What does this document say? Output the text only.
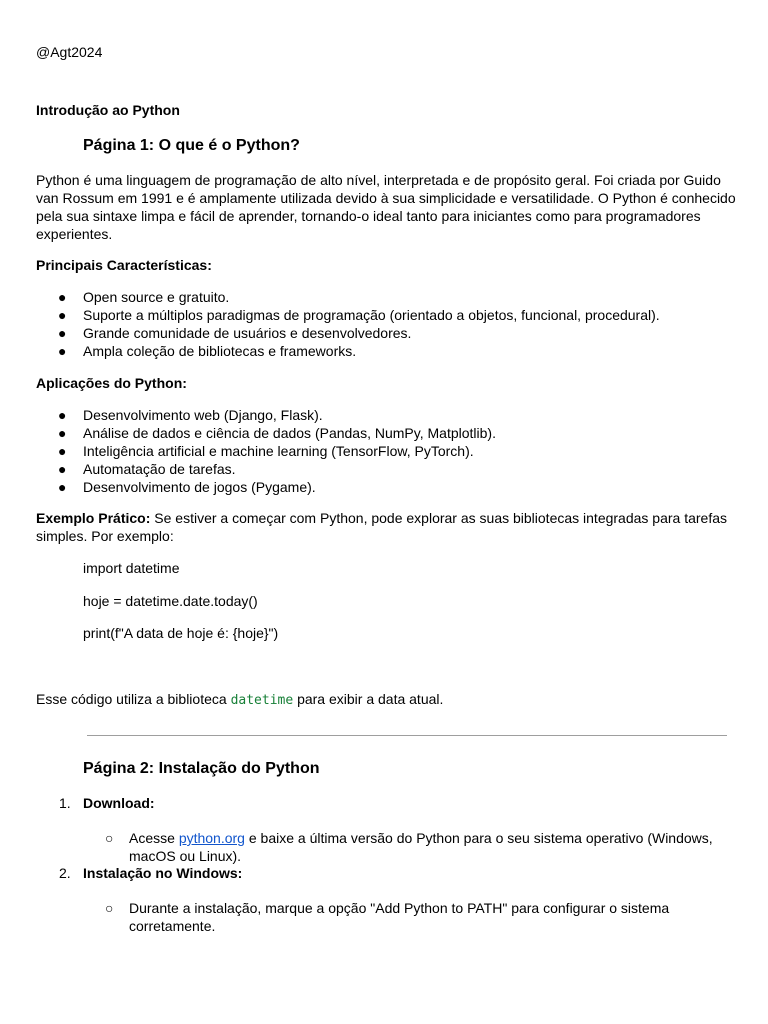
@Agt2024
Introdução ao Python
Página 1: O que é o Python?
Python é uma linguagem de programação de alto nível, interpretada e de propósito geral. Foi criada por Guido van Rossum em 1991 e é amplamente utilizada devido à sua simplicidade e versatilidade. O Python é conhecido pela sua sintaxe limpa e fácil de aprender, tornando-o ideal tanto para iniciantes como para programadores experientes.
Principais Características:
● Open source e gratuito.
● Suporte a múltiplos paradigmas de programação (orientado a objetos, funcional, procedural).
● Grande comunidade de usuários e desenvolvedores.
● Ampla coleção de bibliotecas e frameworks.
Aplicações do Python:
● Desenvolvimento web (Django, Flask).
● Análise de dados e ciência de dados (Pandas, NumPy, Matplotlib).
● Inteligência artificial e machine learning (TensorFlow, PyTorch).
● Automatação de tarefas.
● Desenvolvimento de jogos (Pygame).
Exemplo Prático: Se estiver a começar com Python, pode explorar as suas bibliotecas integradas para tarefas simples. Por exemplo:
import datetime
hoje = datetime.date.today()
print(f"A data de hoje é: {hoje}")
Esse código utiliza a biblioteca datetime para exibir a data atual.
Página 2: Instalação do Python
1. Download:
○ Acesse python.org e baixe a última versão do Python para o seu sistema operativo (Windows, macOS ou Linux).
2. Instalação no Windows:
○ Durante a instalação, marque a opção "Add Python to PATH" para configurar o sistema corretamente.
